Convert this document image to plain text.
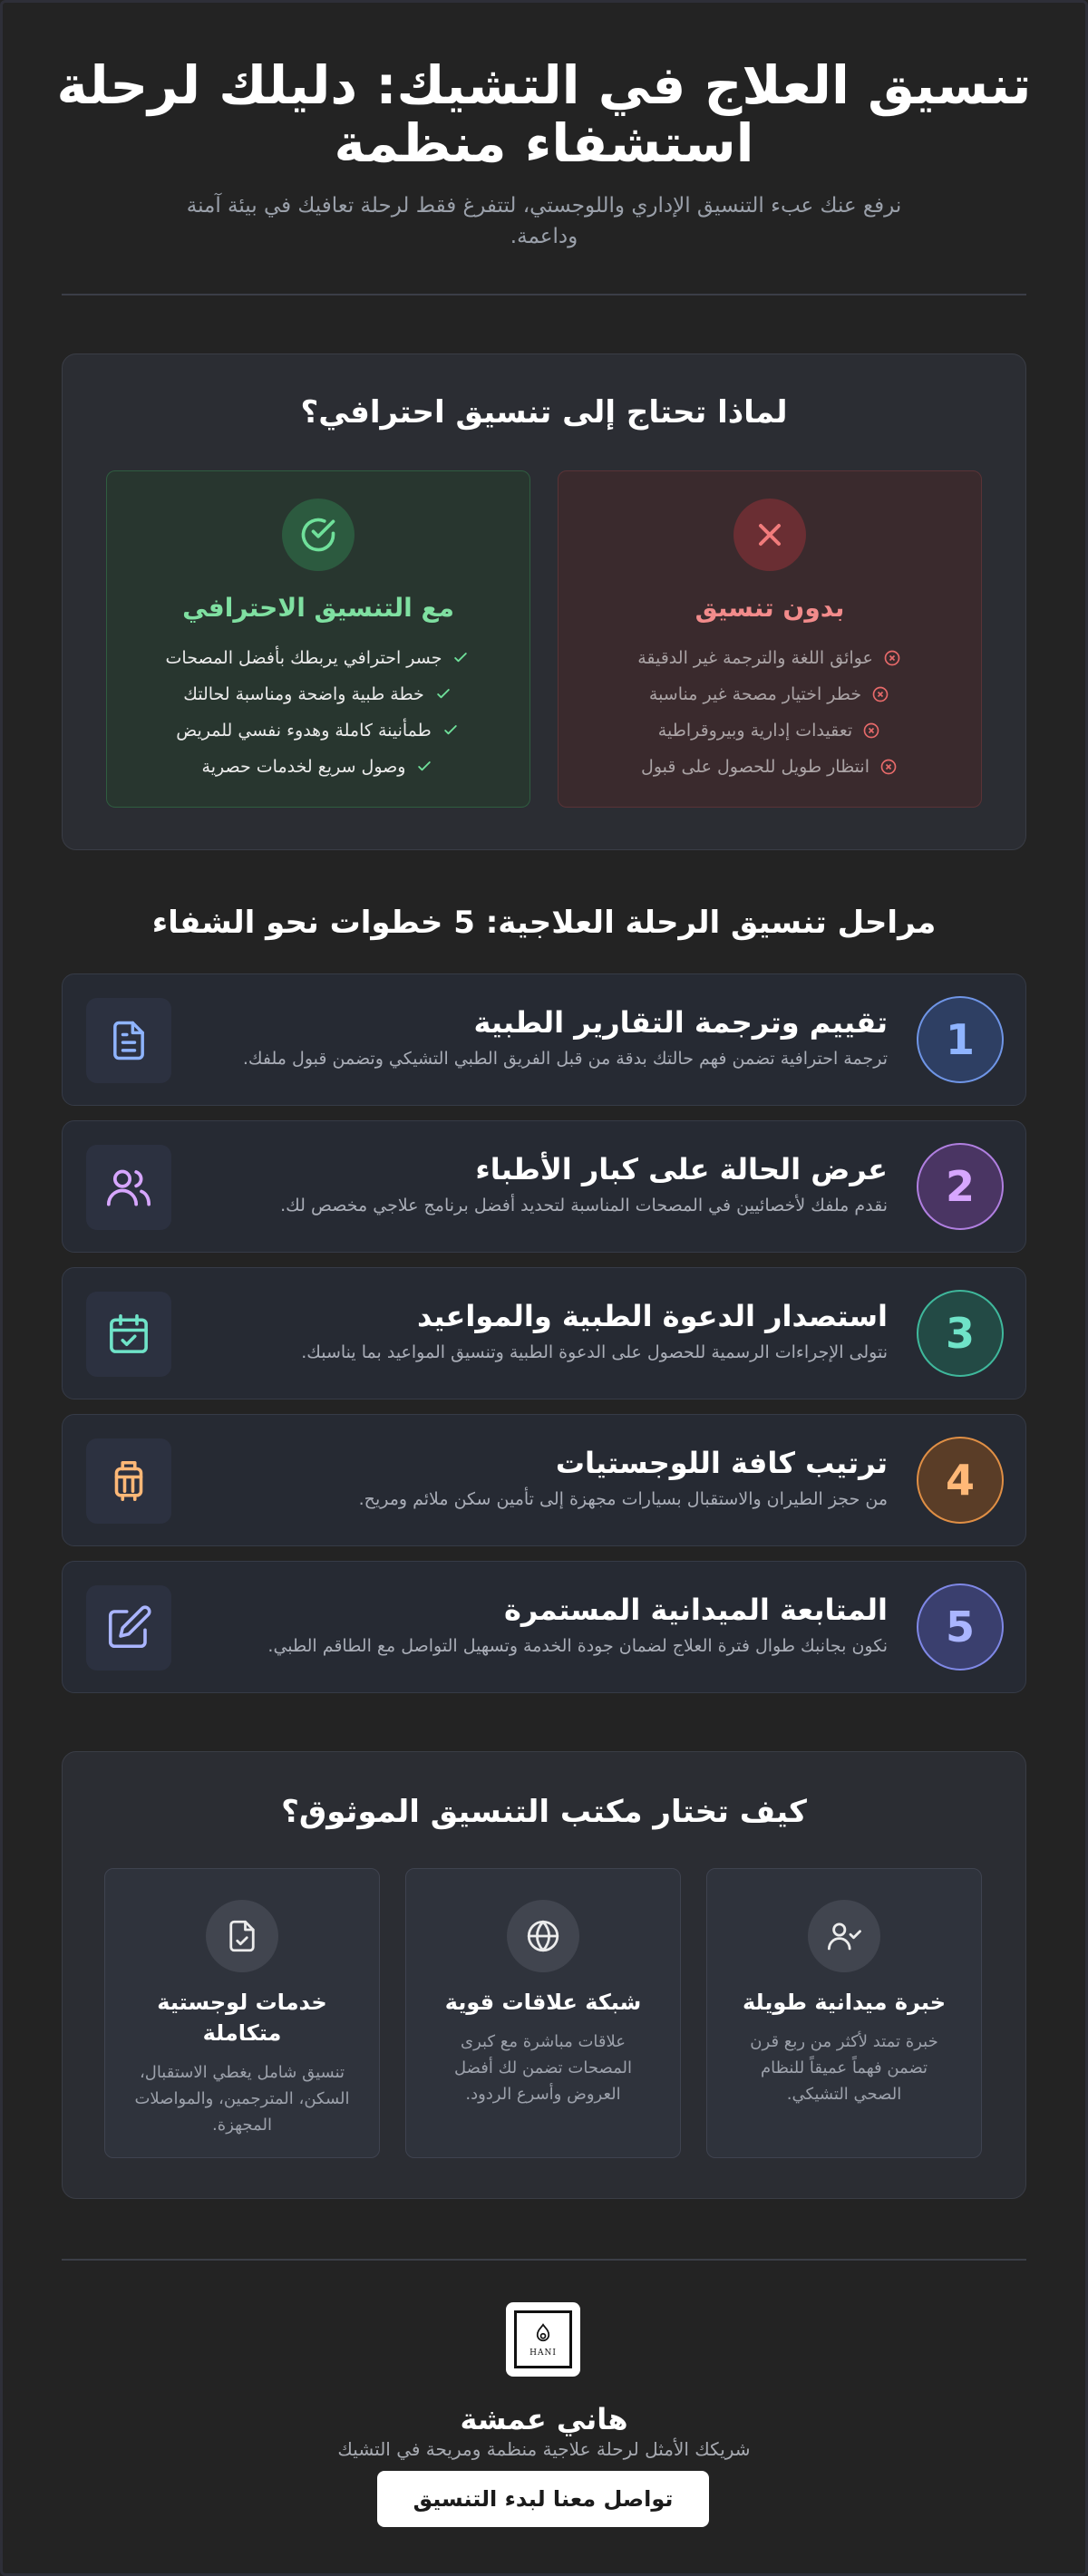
تنسيق العلاج في التشيك: دليلك لرحلة استشفاء منظمة

نرفع عنك عبء التنسيق الإداري واللوجستي، لتتفرغ فقط لرحلة تعافيك في بيئة آمنة وداعمة.

لماذا تحتاج إلى تنسيق احترافي؟
بدون تنسيق
عوائق اللغة والترجمة غير الدقيقة
خطر اختيار مصحة غير مناسبة
تعقيدات إدارية وبيروقراطية
انتظار طويل للحصول على قبول
مع التنسيق الاحترافي
جسر احترافي يربطك بأفضل المصحات
خطة طبية واضحة ومناسبة لحالتك
طمأنينة كاملة وهدوء نفسي للمريض
وصول سريع لخدمات حصرية
مراحل تنسيق الرحلة العلاجية: 5 خطوات نحو الشفاء
1
تقييم وترجمة التقارير الطبية
ترجمة احترافية تضمن فهم حالتك بدقة من قبل الفريق الطبي التشيكي وتضمن قبول ملفك.
2
عرض الحالة على كبار الأطباء
نقدم ملفك لأخصائيين في المصحات المناسبة لتحديد أفضل برنامج علاجي مخصص لك.
3
استصدار الدعوة الطبية والمواعيد
نتولى الإجراءات الرسمية للحصول على الدعوة الطبية وتنسيق المواعيد بما يناسبك.
4
ترتيب كافة اللوجستيات
من حجز الطيران والاستقبال بسيارات مجهزة إلى تأمين سكن ملائم ومريح.
5
المتابعة الميدانية المستمرة
نكون بجانبك طوال فترة العلاج لضمان جودة الخدمة وتسهيل التواصل مع الطاقم الطبي.
كيف تختار مكتب التنسيق الموثوق؟
خبرة ميدانية طويلة
خبرة تمتد لأكثر من ربع قرن تضمن فهماً عميقاً للنظام الصحي التشيكي.
شبكة علاقات قوية
علاقات مباشرة مع كبرى المصحات تضمن لك أفضل العروض وأسرع الردود.
خدمات لوجستية متكاملة
تنسيق شامل يغطي الاستقبال، السكن، المترجمين، والمواصلات المجهزة.
HANI
هاني عمشة
شريكك الأمثل لرحلة علاجية منظمة ومريحة في التشيك
تواصل معنا لبدء التنسيق
